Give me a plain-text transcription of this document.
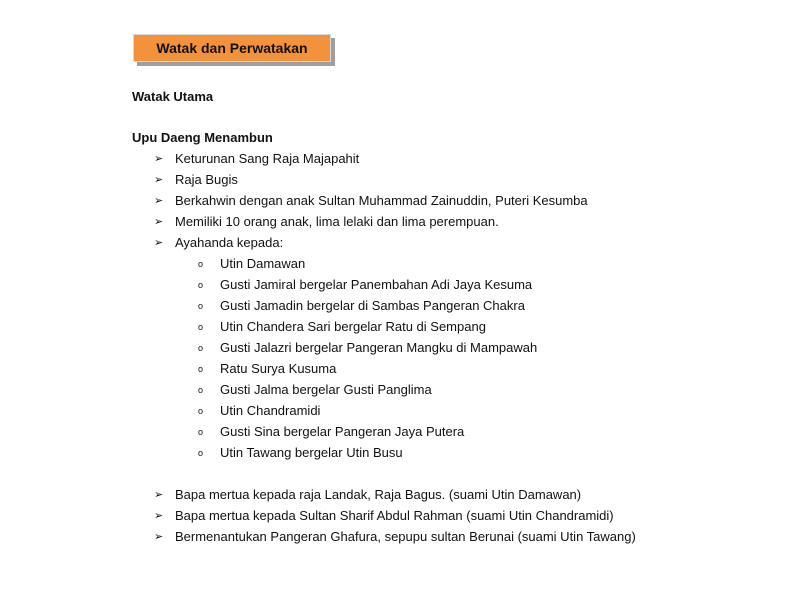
Watak dan Perwatakan
Watak Utama
Upu Daeng Menambun
➢ Keturunan Sang Raja Majapahit
➢ Raja Bugis
➢ Berkahwin dengan anak Sultan Muhammad Zainuddin, Puteri Kesumba
➢ Memiliki 10 orang anak, lima lelaki dan lima perempuan.
➢ Ayahanda kepada:
o	Utin Damawan
o	Gusti Jamiral bergelar Panembahan Adi Jaya Kesuma
o	Gusti Jamadin bergelar di Sambas Pangeran Chakra
o	Utin Chandera Sari bergelar Ratu di Sempang
o	Gusti Jalazri bergelar Pangeran Mangku di Mampawah
o	Ratu Surya Kusuma
o	Gusti Jalma bergelar Gusti Panglima
o	Utin Chandramidi
o	Gusti Sina bergelar Pangeran Jaya Putera
o	Utin Tawang bergelar Utin Busu
➢ Bapa mertua kepada raja Landak, Raja Bagus. (suami Utin Damawan)
➢ Bapa mertua kepada Sultan Sharif Abdul Rahman (suami Utin Chandramidi)
➢ Bermenantukan Pangeran Ghafura, sepupu sultan Berunai (suami Utin Tawang)
